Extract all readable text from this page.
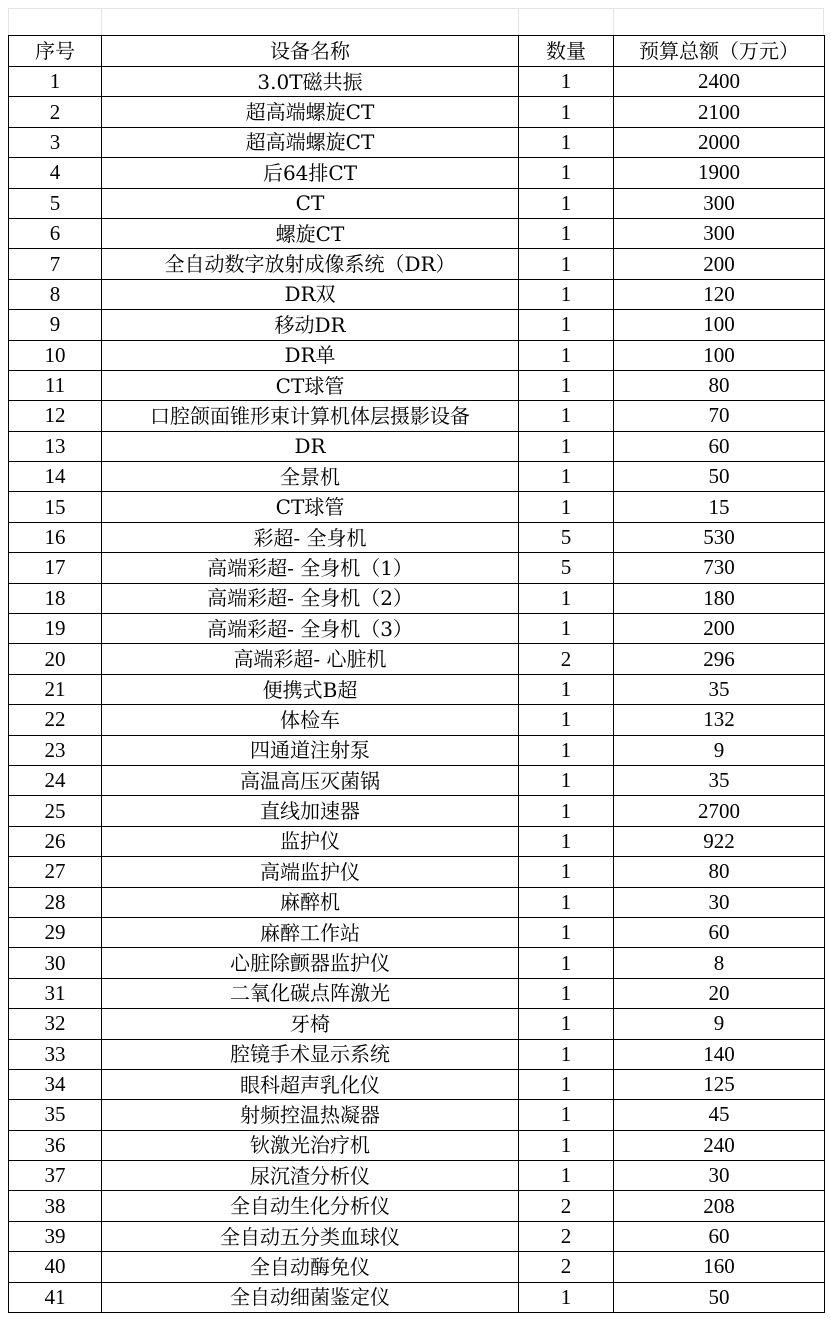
序号	设备名称	数量	预算总额（万元）
1	3.0T磁共振	1	2400
2	超高端螺旋CT	1	2100
3	超高端螺旋CT	1	2000
4	后64排CT	1	1900
5	CT	1	300
6	螺旋CT	1	300
7	全自动数字放射成像系统（DR）	1	200
8	DR双	1	120
9	移动DR	1	100
10	DR单	1	100
11	CT球管	1	80
12	口腔颌面锥形束计算机体层摄影设备	1	70
13	DR	1	60
14	全景机	1	50
15	CT球管	1	15
16	彩超- 全身机	5	530
17	高端彩超- 全身机（1）	5	730
18	高端彩超- 全身机（2）	1	180
19	高端彩超- 全身机（3）	1	200
20	高端彩超- 心脏机	2	296
21	便携式B超	1	35
22	体检车	1	132
23	四通道注射泵	1	9
24	高温高压灭菌锅	1	35
25	直线加速器	1	2700
26	监护仪	1	922
27	高端监护仪	1	80
28	麻醉机	1	30
29	麻醉工作站	1	60
30	心脏除颤器监护仪	1	8
31	二氧化碳点阵激光	1	20
32	牙椅	1	9
33	腔镜手术显示系统	1	140
34	眼科超声乳化仪	1	125
35	射频控温热凝器	1	45
36	钬激光治疗机	1	240
37	尿沉渣分析仪	1	30
38	全自动生化分析仪	2	208
39	全自动五分类血球仪	2	60
40	全自动酶免仪	2	160
41	全自动细菌鉴定仪	1	50
